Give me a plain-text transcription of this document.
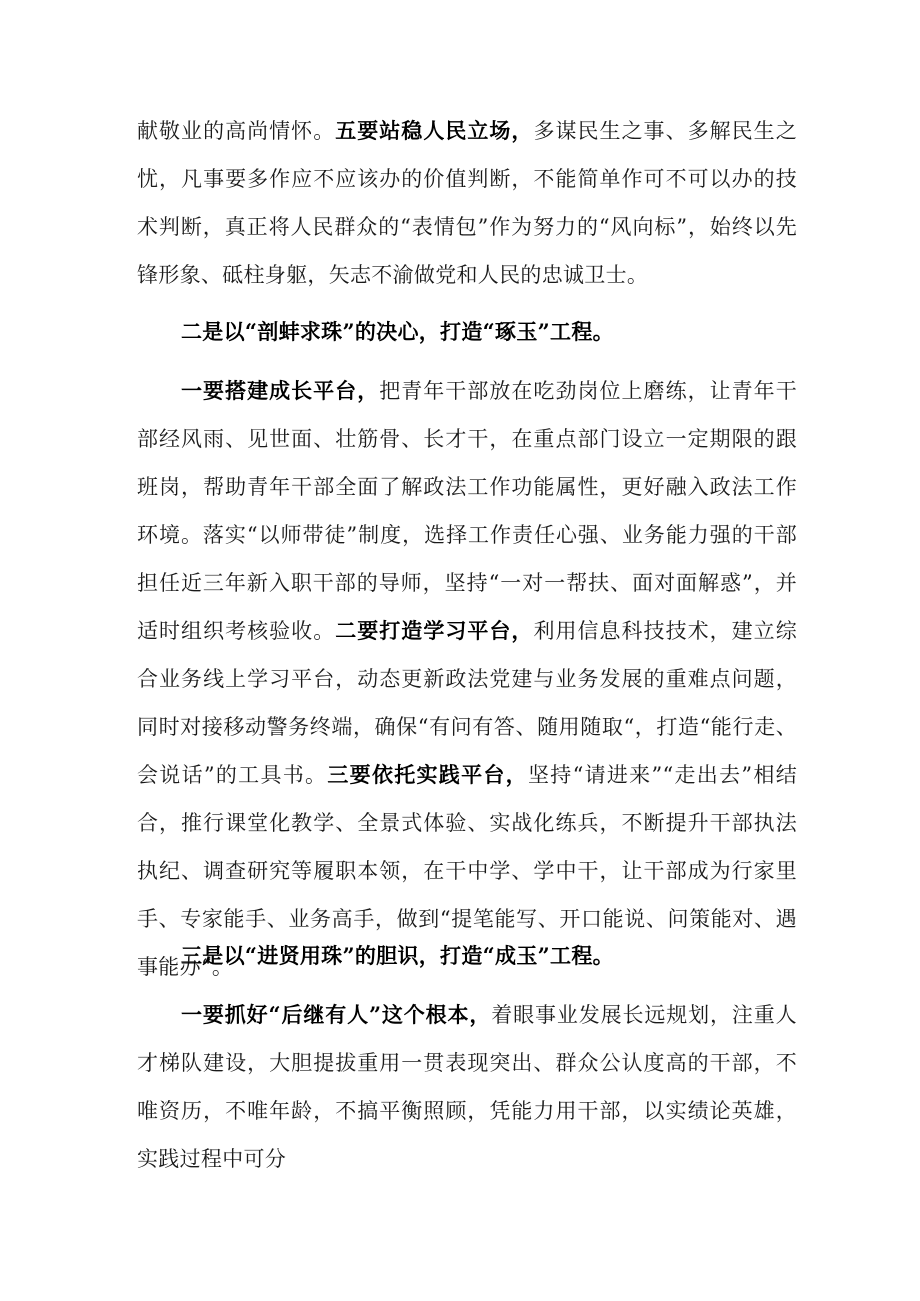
献敬业的高尚情怀。五要站稳人民立场，多谋民生之事、多解民生之忧，凡事要多作应不应该办的价值判断，不能简单作可不可以办的技术判断，真正将人民群众的“表情包”作为努力的“风向标”，始终以先锋形象、砥柱身躯，矢志不渝做党和人民的忠诚卫士。

二是以“剖蚌求珠”的决心，打造“琢玉”工程。

一要搭建成长平台，把青年干部放在吃劲岗位上磨练，让青年干部经风雨、见世面、壮筋骨、长才干，在重点部门设立一定期限的跟班岗，帮助青年干部全面了解政法工作功能属性，更好融入政法工作环境。落实“以师带徒”制度，选择工作责任心强、业务能力强的干部担任近三年新入职干部的导师，坚持“一对一帮扶、面对面解惑”，并适时组织考核验收。二要打造学习平台，利用信息科技技术，建立综合业务线上学习平台，动态更新政法党建与业务发展的重难点问题，同时对接移动警务终端，确保“有问有答、随用随取“，打造“能行走、会说话”的工具书。三要依托实践平台，坚持“请进来”“走出去”相结合，推行课堂化教学、全景式体验、实战化练兵，不断提升干部执法执纪、调查研究等履职本领，在干中学、学中干，让干部成为行家里手、专家能手、业务高手，做到“提笔能写、开口能说、问策能对、遇事能办“。

三是以“进贤用珠”的胆识，打造“成玉”工程。

一要抓好“后继有人”这个根本，着眼事业发展长远规划，注重人才梯队建设，大胆提拔重用一贯表现突出、群众公认度高的干部，不唯资历，不唯年龄，不搞平衡照顾，凭能力用干部，以实绩论英雄，实践过程中可分
